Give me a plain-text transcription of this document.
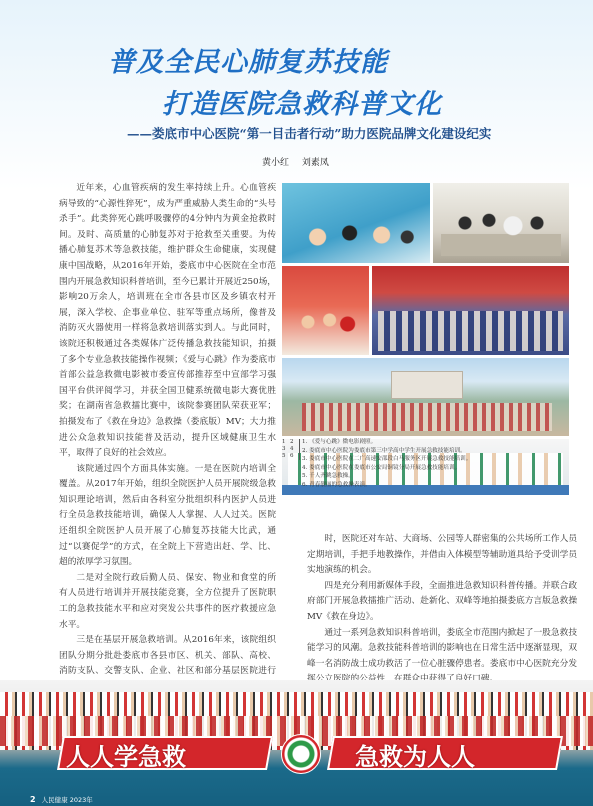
普及全民心肺复苏技能
打造医院急救科普文化
——娄底市中心医院“第一目击者行动”助力医院品牌文化建设纪实
黄小红 刘素凤

近年来，心血管疾病的发生率持续上升。心血管疾病导致的“心源性猝死”，成为严重威胁人类生命的“头号杀手”。此类猝死心跳呼吸骤停的4分钟内为黄金抢救时间。及时、高质量的心肺复苏对于抢救至关重要。为传播心肺复苏术等急救技能，维护群众生命健康，实现健康中国战略，从2016年开始，娄底市中心医院在全市范围内开展急救知识科普培训，至今已累计开展近250场，影响20万余人，培训班在全市各县市区及乡镇农村开展，深入学校、企事业单位、驻军等重点场所，像普及消防灭火器使用一样将急救培训落实到人。与此同时，该院还积极通过各类媒体广泛传播急救技能知识，拍摄了多个专业急救技能操作视频；《爱与心跳》作为娄底市首部公益急救微电影被市委宣传部推荐至中宣部学习强国平台供评阅学习，并获全国卫健系统微电影大赛优胜奖；在湖南省急救擂比赛中，该院参赛团队荣获亚军；拍摄发布了《救在身边》急救操（娄底版）MV；大力推进公众急救知识技能普及活动，提升区域健康卫生水平，取得了良好的社会效应。

该院通过四个方面具体实施。一是在医院内培训全覆盖。从2017年开始，组织全院医护人员开展院级急救知识理论培训，然后由各科室分批组织科内医护人员进行全员急救技能培训，确保人人掌握、人人过关。医院还组织全院医护人员开展了心肺复苏技能大比武，通过“以赛促学”的方式，在全院上下营造出赶、学、比、超的浓厚学习氛围。

二是对全院行政后勤人员、保安、物业和食堂的所有人员进行培训并开展技能竞赛，全方位提升了医院职工的急救技能水平和应对突发公共事件的医疗救援应急水平。

三是在基层开展急救培训。从2016年来，该院组织团队分期分批赴娄底市各县市区、机关、部队、高校、消防支队、交警支队、企业、社区和部分基层医院进行

1 2
3 4
5 6
1. 《爱与心跳》微电影剧照。
2. 娄底市中心医院为娄底市第三中学高中学生开展急救技能培训。
3. 娄底市中心医院在二广高速安邵段白马服务区开展急救技能培训。
4. 娄底市中心医院在娄底市公安局铜镜分局开展急救技能培训。
5. 千人齐跳急救操。
6. 青春靓丽的急救操表演。

时，医院还对车站、大商场、公园等人群密集的公共场所工作人员定期培训，手把手地教操作，并借由入体模型等辅助道具给予受训学员实地演练的机会。

四是充分利用新媒体手段，全面推进急救知识科普传播。并联合政府部门开展急救擂推广活动、赴新化、双峰等地拍摄娄底方言版急救操MV《救在身边》。

通过一系列急救知识科普培训，娄底全市范围内掀起了一股急救技能学习的风潮。急救技能科普培训的影响也在日常生活中逐渐显现，双峰一名消防战士成功救活了一位心脏骤停患者。娄底市中心医院充分发

人人学急救	急救为人人
2 人民健康 2023年
